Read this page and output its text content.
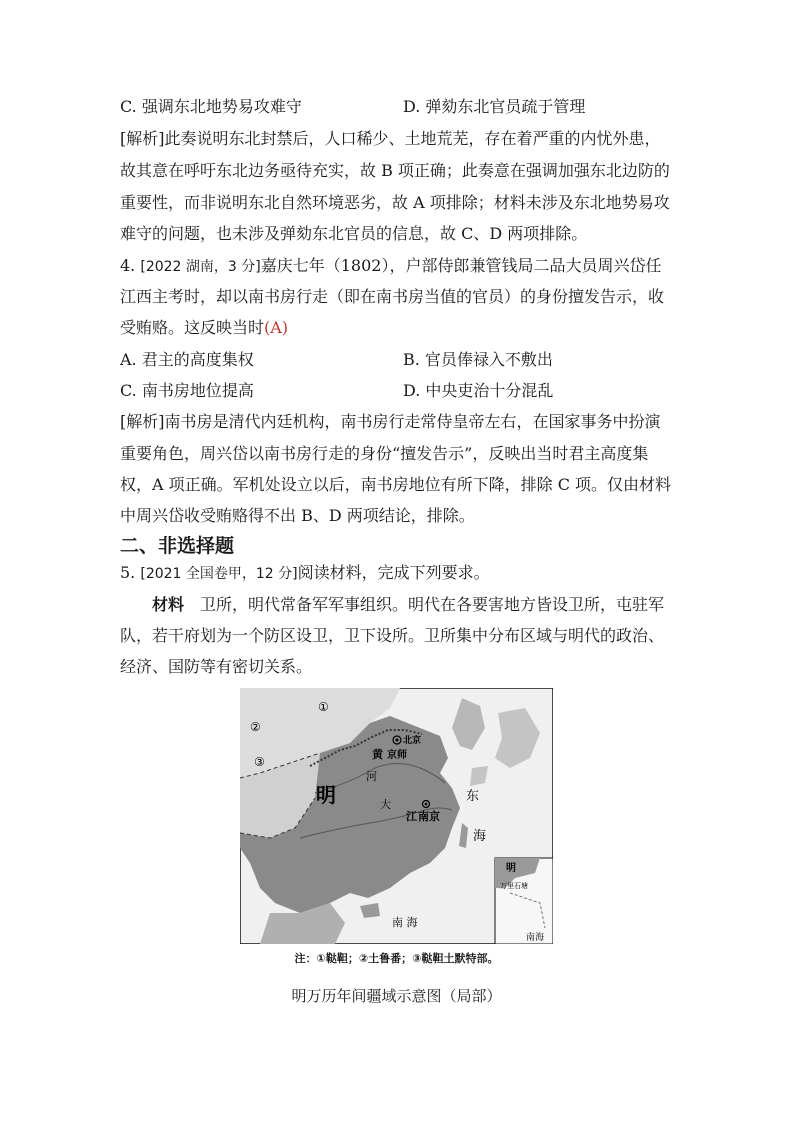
C. 强调东北地势易攻难守	D. 弹劾东北官员疏于管理
[解析]此奏说明东北封禁后，人口稀少、土地荒芜，存在着严重的内忧外患，
故其意在呼吁东北边务亟待充实，故 B 项正确；此奏意在强调加强东北边防的
重要性，而非说明东北自然环境恶劣，故 A 项排除；材料未涉及东北地势易攻
难守的问题，也未涉及弹劾东北官员的信息，故 C、D 两项排除。
4. [2022 湖南，3 分]嘉庆七年（1802），户部侍郎兼管钱局二品大员周兴岱任
江西主考时，却以南书房行走（即在南书房当值的官员）的身份擅发告示，收
受贿赂。这反映当时(A)
A. 君主的高度集权	B. 官员俸禄入不敷出
C. 南书房地位提高	D. 中央吏治十分混乱
[解析]南书房是清代内廷机构，南书房行走常侍皇帝左右，在国家事务中扮演
重要角色，周兴岱以南书房行走的身份“擅发告示”，反映出当时君主高度集
权，A 项正确。军机处设立以后，南书房地位有所下降，排除 C 项。仅由材料
中周兴岱收受贿赂得不出 B、D 两项结论，排除。
二、非选择题
5. [2021 全国卷甲，12 分]阅读材料，完成下列要求。
材料 卫所，明代常备军军事组织。明代在各要害地方皆设卫所，屯驻军
队，若干府划为一个防区设卫，卫下设所。卫所集中分布区域与明代的政治、
经济、国防等有密切关系。
①
②
③
北京
黄 京师
河
明	大
江 南京
东
海
南 海
明
万里石塘
南海
注：①鞑靼；②土鲁番；③鞑靼土默特部。
明万历年间疆域示意图（局部）
